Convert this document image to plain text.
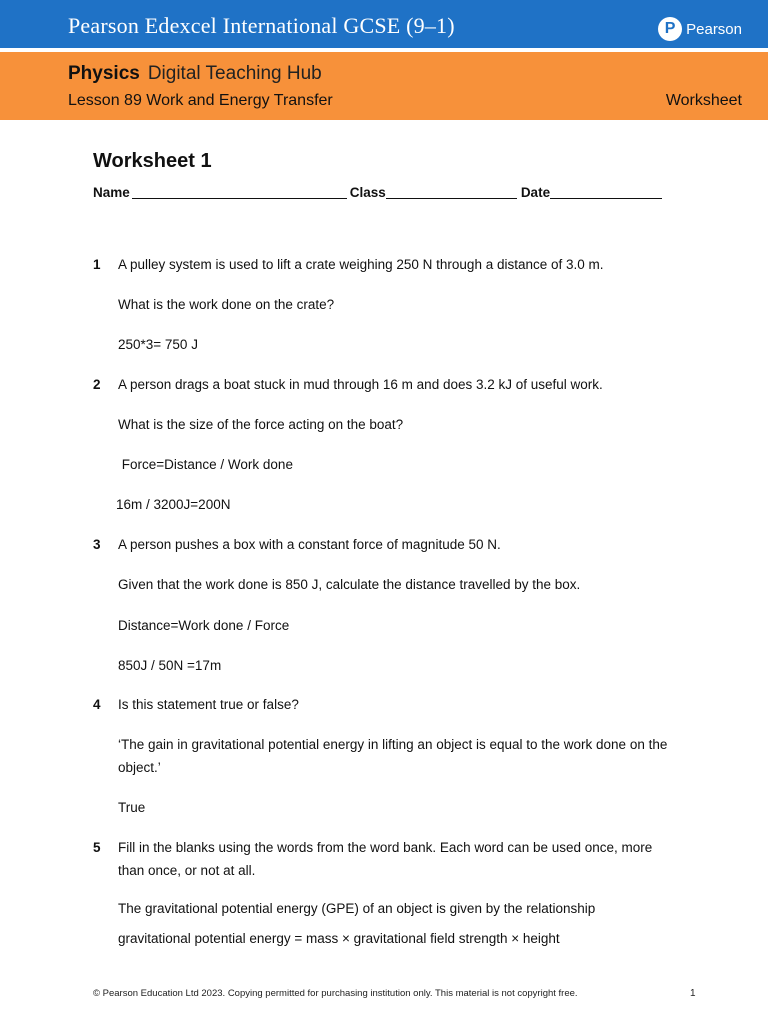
Pearson Edexcel International GCSE (9–1)	P Pearson
Physics Digital Teaching Hub
Lesson 89 Work and Energy Transfer	Worksheet
Worksheet 1
Name	Class	Date
1 A pulley system is used to lift a crate weighing 250 N through a distance of 3.0 m.
What is the work done on the crate?
250*3= 750 J
2 A person drags a boat stuck in mud through 16 m and does 3.2 kJ of useful work.
What is the size of the force acting on the boat?
Force=Distance / Work done
16m / 3200J=200N
3 A person pushes a box with a constant force of magnitude 50 N.
Given that the work done is 850 J, calculate the distance travelled by the box.
Distance=Work done / Force
850J / 50N =17m
4 Is this statement true or false?
‘The gain in gravitational potential energy in lifting an object is equal to the work done on the object.’
True
5 Fill in the blanks using the words from the word bank. Each word can be used once, more than once, or not at all.
The gravitational potential energy (GPE) of an object is given by the relationship
gravitational potential energy = mass × gravitational field strength × height
© Pearson Education Ltd 2023. Copying permitted for purchasing institution only. This material is not copyright free.	1
